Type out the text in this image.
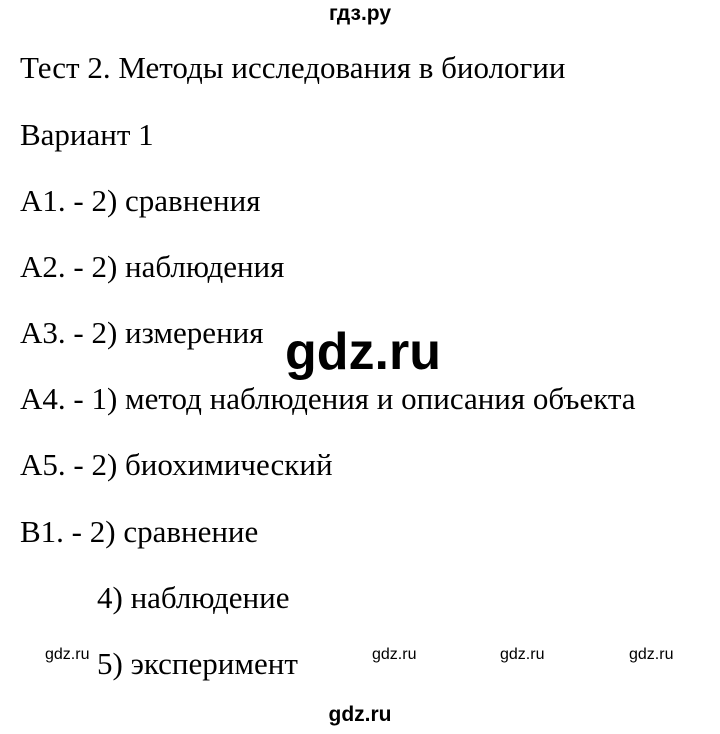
гдз.ру
Тест 2. Методы исследования в биологии
Вариант 1
А1. - 2) сравнения
А2. - 2) наблюдения
А3. - 2) измерения
А4. - 1) метод наблюдения и описания объекта
А5. - 2) биохимический
В1. - 2) сравнение
4) наблюдение
5) эксперимент
gdz.ru
gdz.ru	gdz.ru	gdz.ru	gdz.ru
gdz.ru
